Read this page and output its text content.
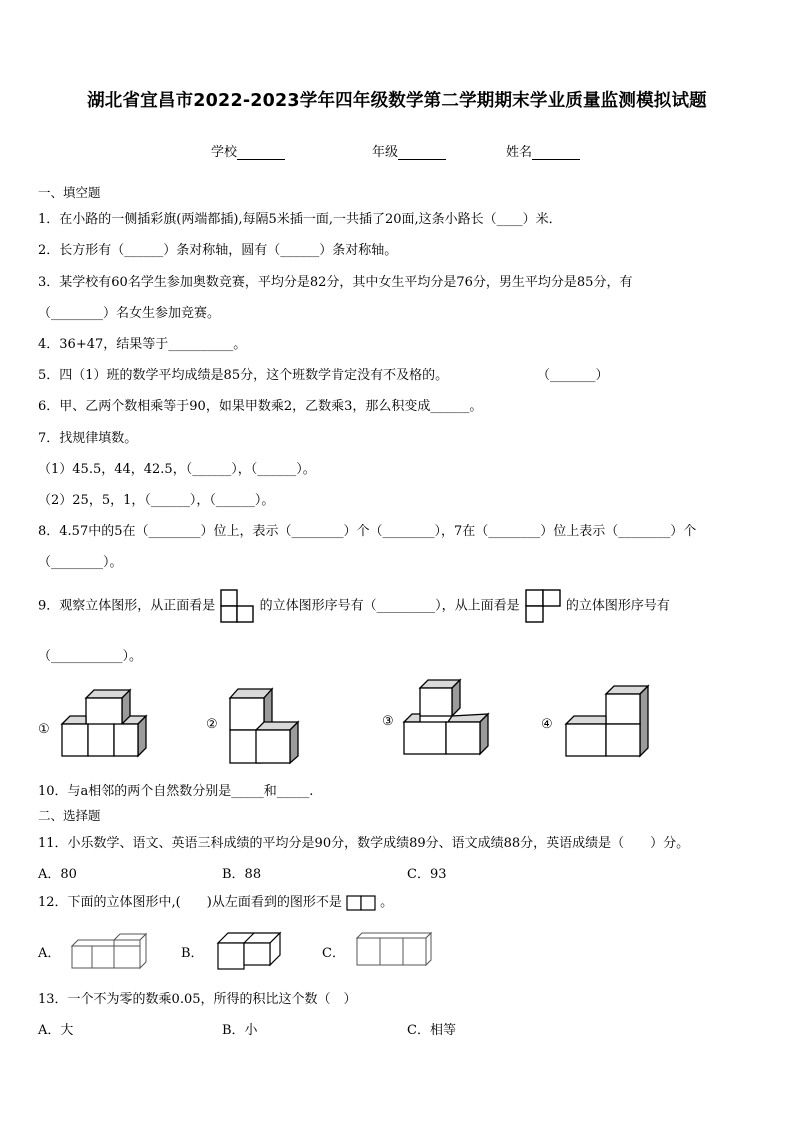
湖北省宜昌市2022-2023学年四年级数学第二学期期末学业质量监测模拟试题
学校	年级	姓名
一、填空题
1．在小路的一侧插彩旗(两端都插),每隔5米插一面,一共插了20面,这条小路长（____）米．
2．长方形有（______）条对称轴，圆有（______）条对称轴。
3．某学校有60名学生参加奥数竞赛，平均分是82分，其中女生平均分是76分，男生平均分是85分，有
（________）名女生参加竞赛。
4．36+47，结果等于__________。
5．四（1）班的数学平均成绩是85分，这个班数学肯定没有不及格的。	（_______）
6．甲、乙两个数相乘等于90，如果甲数乘2，乙数乘3，那么积变成______。
7．找规律填数。
（1）45.5，44，42.5，（______），（______）。
（2）25，5，1，（______），（______）。
8．4.57中的5在（________）位上，表示（________）个（________），7在（________）位上表示（________）个
（________）。
9．观察立体图形，从正面看是	的立体图形序号有（_________），从上面看是	的立体图形序号有
（___________）。
①	②	③	④
10．与a相邻的两个自然数分别是_____和_____.
二、选择题
11．小乐数学、语文、英语三科成绩的平均分是90分，数学成绩89分、语文成绩88分，英语成绩是（　　）分。
A．80	B．88	C．93
12．下面的立体图形中,(　　)从左面看到的图形不是	。
A．	B．	C．
13．一个不为零的数乘0.05，所得的积比这个数（　）
A．大	B．小	C．相等
